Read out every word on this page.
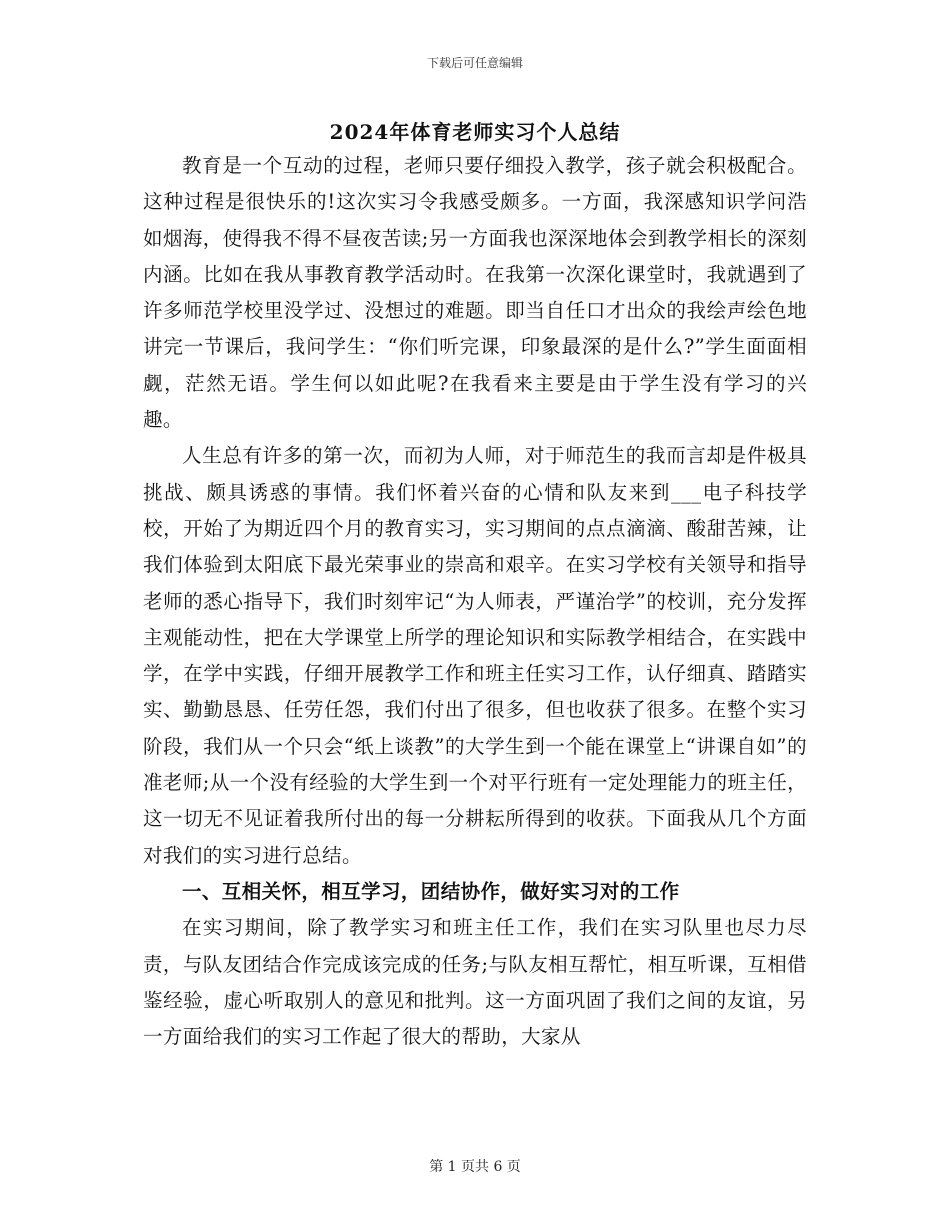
下载后可任意编辑
2024年体育老师实习个人总结

教育是一个互动的过程，老师只要仔细投入教学，孩子就会积极配合。这种过程是很快乐的!这次实习令我感受颇多。一方面，我深感知识学问浩如烟海，使得我不得不昼夜苦读;另一方面我也深深地体会到教学相长的深刻内涵。比如在我从事教育教学活动时。在我第一次深化课堂时，我就遇到了许多师范学校里没学过、没想过的难题。即当自任口才出众的我绘声绘色地讲完一节课后，我问学生：“你们听完课，印象最深的是什么?”学生面面相觑，茫然无语。学生何以如此呢?在我看来主要是由于学生没有学习的兴趣。

人生总有许多的第一次，而初为人师，对于师范生的我而言却是件极具挑战、颇具诱惑的事情。我们怀着兴奋的心情和队友来到___电子科技学校，开始了为期近四个月的教育实习，实习期间的点点滴滴、酸甜苦辣，让我们体验到太阳底下最光荣事业的崇高和艰辛。在实习学校有关领导和指导老师的悉心指导下，我们时刻牢记“为人师表，严谨治学”的校训，充分发挥主观能动性，把在大学课堂上所学的理论知识和实际教学相结合，在实践中学，在学中实践，仔细开展教学工作和班主任实习工作，认仔细真、踏踏实实、勤勤恳恳、任劳任怨，我们付出了很多，但也收获了很多。在整个实习阶段，我们从一个只会“纸上谈教”的大学生到一个能在课堂上“讲课自如”的准老师;从一个没有经验的大学生到一个对平行班有一定处理能力的班主任，这一切无不见证着我所付出的每一分耕耘所得到的收获。下面我从几个方面对我们的实习进行总结。

一、互相关怀，相互学习，团结协作，做好实习对的工作

在实习期间，除了教学实习和班主任工作，我们在实习队里也尽力尽责，与队友团结合作完成该完成的任务;与队友相互帮忙，相互听课，互相借鉴经验，虚心听取别人的意见和批判。这一方面巩固了我们之间的友谊，另一方面给我们的实习工作起了很大的帮助，大家从

第 1 页共 6 页
